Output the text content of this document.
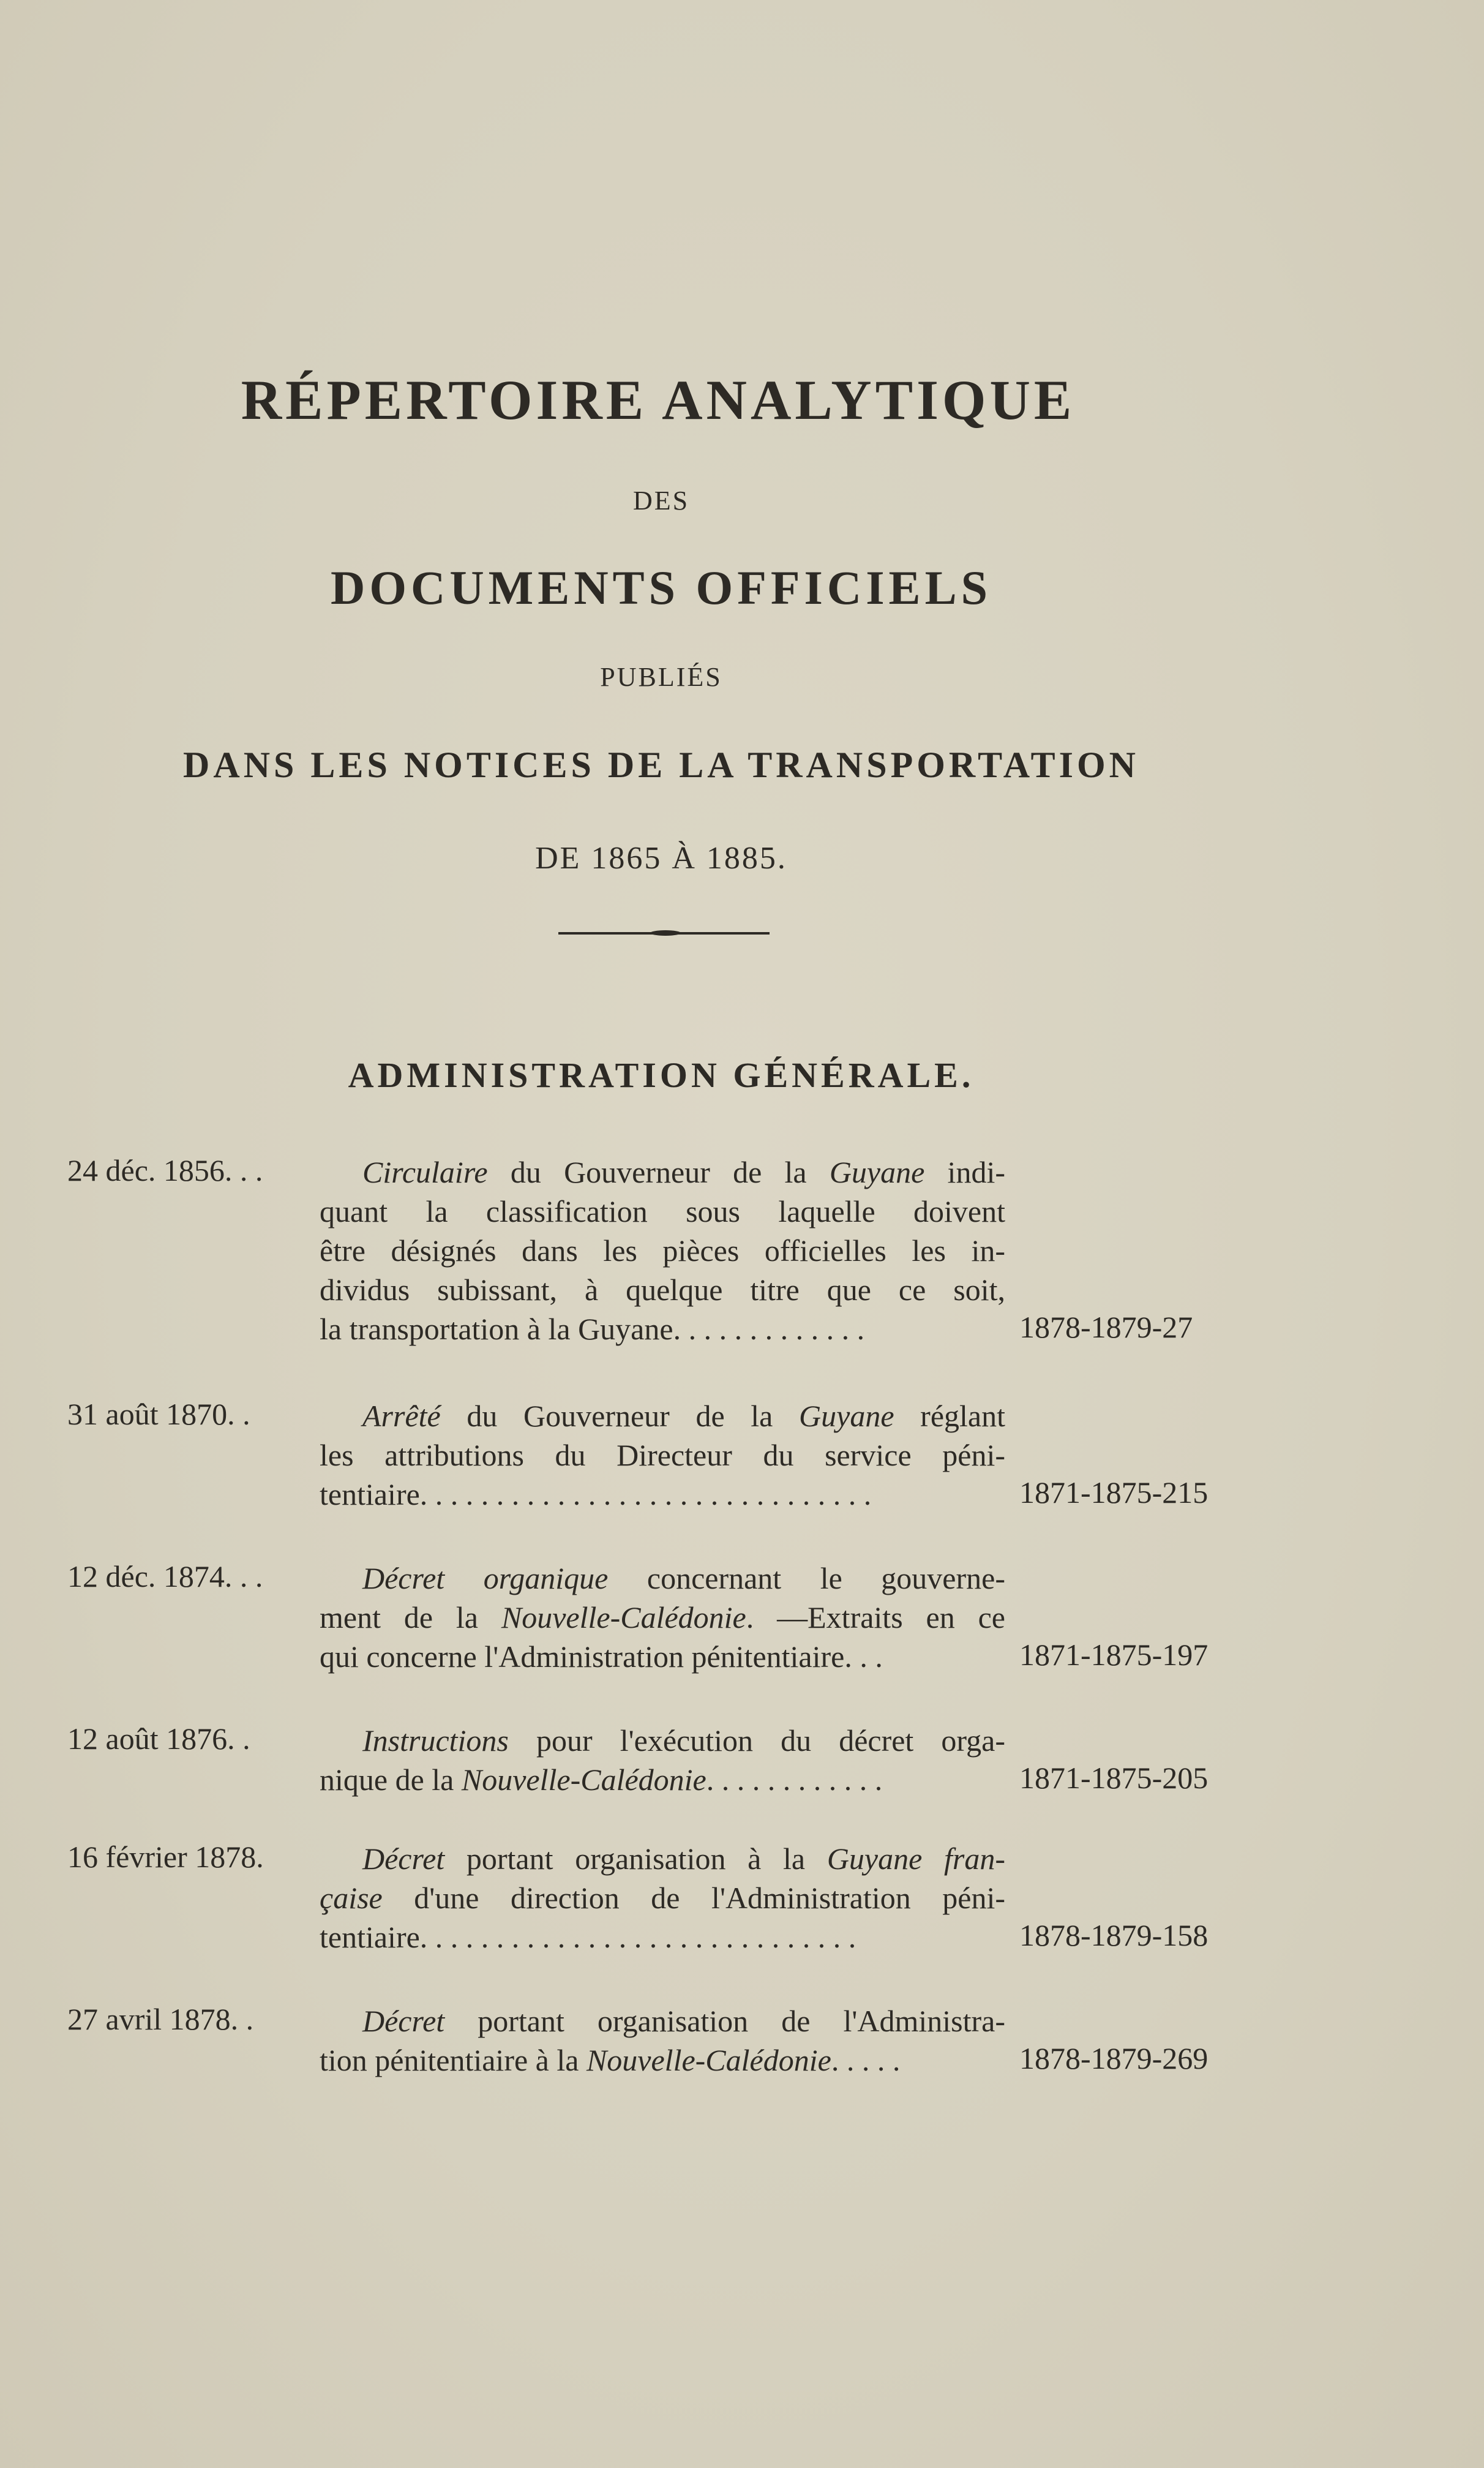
RÉPERTOIRE ANALYTIQUE
DES
DOCUMENTS OFFICIELS
PUBLIÉS
DANS LES NOTICES DE LA TRANSPORTATION
DE 1865 À 1885.
ADMINISTRATION GÉNÉRALE.
24 déc. 1856. . .	Circulaire du Gouverneur de la Guyane indi-
quant la classification sous laquelle doivent
être désignés dans les pièces officielles les in-
dividus subissant, à quelque titre que ce soit,
la transportation à la Guyane. . . . . . . . . . . . .	1878-1879-27
31 août 1870. .	Arrêté du Gouverneur de la Guyane réglant
les attributions du Directeur du service péni-
tentiaire. . . . . . . . . . . . . . . . . . . . . . . . . . . . . .	1871-1875-215
12 déc. 1874. . .	Décret organique concernant le gouverne-
ment de la Nouvelle-Calédonie. —Extraits en ce
qui concerne l'Administration pénitentiaire. . .	1871-1875-197
12 août 1876. .	Instructions pour l'exécution du décret orga-
nique de la Nouvelle-Calédonie. . . . . . . . . . . .	1871-1875-205
16 février 1878.	Décret portant organisation à la Guyane fran-
çaise d'une direction de l'Administration péni-
tentiaire. . . . . . . . . . . . . . . . . . . . . . . . . . . . .	1878-1879-158
27 avril 1878. .	Décret portant organisation de l'Administra-
tion pénitentiaire à la Nouvelle-Calédonie. . . . .	1878-1879-269
